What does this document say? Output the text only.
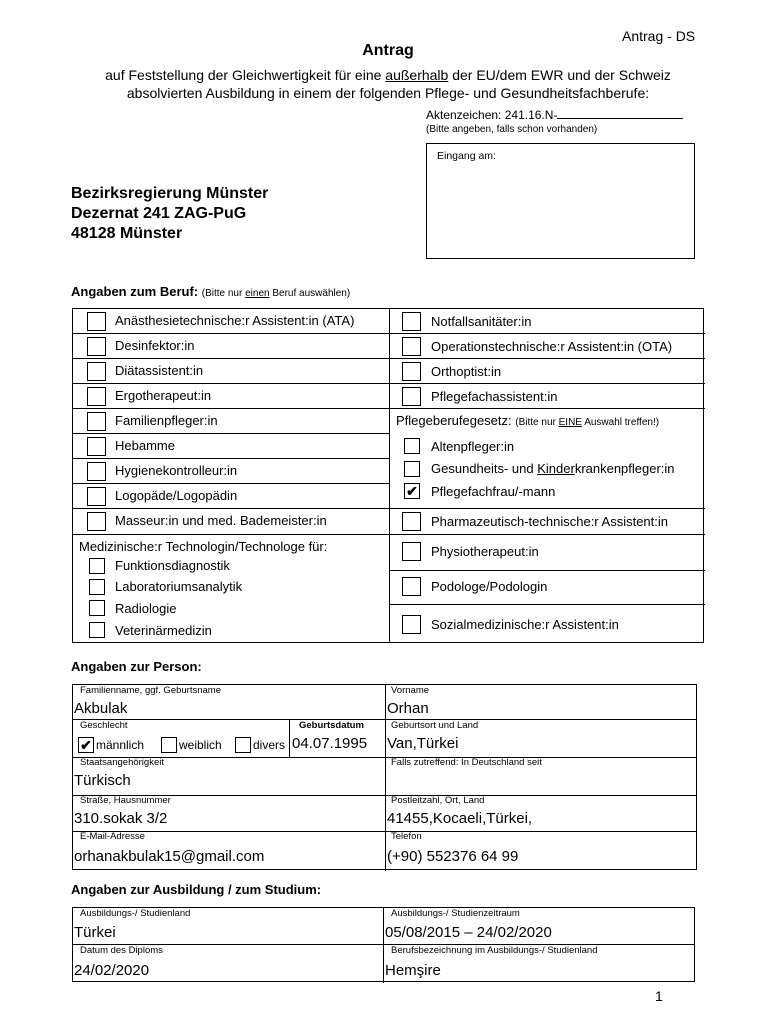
Antrag - DS
Antrag
auf Feststellung der Gleichwertigkeit für eine außerhalb der EU/dem EWR und der Schweiz
absolvierten Ausbildung in einem der folgenden Pflege- und Gesundheitsfachberufe:
Aktenzeichen: 241.16.N-
(Bitte angeben, falls schon vorhanden)
Eingang am:
Bezirksregierung Münster
Dezernat 241 ZAG-PuG
48128 Münster
Angaben zum Beruf: (Bitte nur einen Beruf auswählen)
Anästhesietechnische:r Assistent:in (ATA)
Desinfektor:in
Diätassistent:in
Ergotherapeut:in
Familienpfleger:in
Hebamme
Hygienekontrolleur:in
Logopäde/Logopädin
Masseur:in und med. Bademeister:in
Medizinische:r Technologin/Technologe für:
Funktionsdiagnostik
Laboratoriumsanalytik
Radiologie
Veterinärmedizin
Notfallsanitäter:in
Operationstechnische:r Assistent:in (OTA)
Orthoptist:in
Pflegefachassistent:in
Pflegeberufegesetz: (Bitte nur EINE Auswahl treffen!)
Altenpfleger:in
Gesundheits- und Kinderkrankenpfleger:in
✔ Pflegefachfrau/-mann
Pharmazeutisch-technische:r Assistent:in
Physiotherapeut:in
Podologe/Podologin
Sozialmedizinische:r Assistent:in
Angaben zur Person:
Familienname, ggf. Geburtsname
Akbulak
Vorname
Orhan
Geschlecht
✔ männlich	weiblich	divers
Geburtsdatum
04.07.1995
Geburtsort und Land
Van,Türkei
Staatsangehörigkeit
Türkisch
Falls zutreffend: In Deutschland seit
Straße, Hausnummer
310.sokak 3/2
Postleitzahl, Ort, Land
41455,Kocaeli,Türkei,
E-Mail-Adresse
orhanakbulak15@gmail.com
Telefon
(+90) 552376 64 99
Angaben zur Ausbildung / zum Studium:
Ausbildungs-/ Studienland
Türkei
Ausbildungs-/ Studienzeitraum
05/08/2015 – 24/02/2020
Datum des Diploms
24/02/2020
Berufsbezeichnung im Ausbildungs-/ Studienland
Hemşire
1
